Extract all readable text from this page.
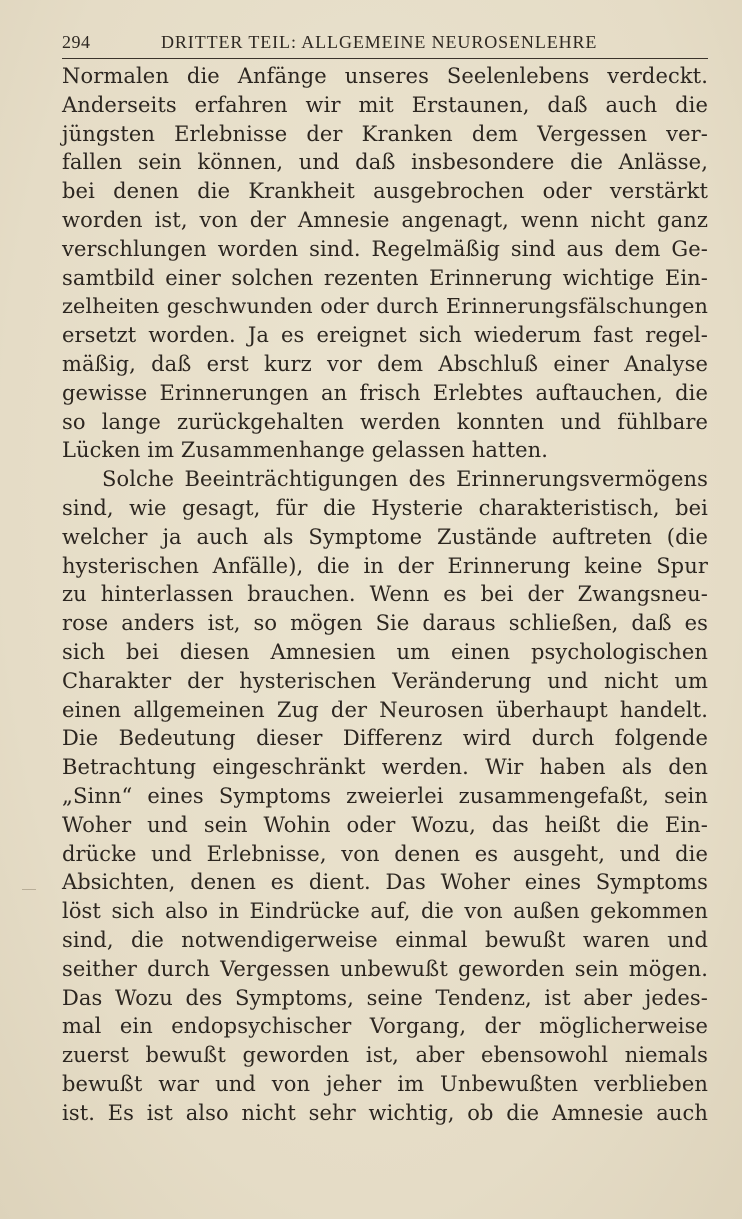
294	DRITTER TEIL: ALLGEMEINE NEUROSENLEHRE
Normalen die Anfänge unseres Seelenlebens verdeckt.
Anderseits erfahren wir mit Erstaunen, daß auch die
jüngsten Erlebnisse der Kranken dem Vergessen ver-
fallen sein können, und daß insbesondere die Anlässe,
bei denen die Krankheit ausgebrochen oder verstärkt
worden ist, von der Amnesie angenagt, wenn nicht ganz
verschlungen worden sind. Regelmäßig sind aus dem Ge-
samtbild einer solchen rezenten Erinnerung wichtige Ein-
zelheiten geschwunden oder durch Erinnerungsfälschungen
ersetzt worden. Ja es ereignet sich wiederum fast regel-
mäßig, daß erst kurz vor dem Abschluß einer Analyse
gewisse Erinnerungen an frisch Erlebtes auftauchen, die
so lange zurückgehalten werden konnten und fühlbare
Lücken im Zusammenhange gelassen hatten.
Solche Beeinträchtigungen des Erinnerungsvermögens
sind, wie gesagt, für die Hysterie charakteristisch, bei
welcher ja auch als Symptome Zustände auftreten (die
hysterischen Anfälle), die in der Erinnerung keine Spur
zu hinterlassen brauchen. Wenn es bei der Zwangsneu-
rose anders ist, so mögen Sie daraus schließen, daß es
sich bei diesen Amnesien um einen psychologischen
Charakter der hysterischen Veränderung und nicht um
einen allgemeinen Zug der Neurosen überhaupt handelt.
Die Bedeutung dieser Differenz wird durch folgende
Betrachtung eingeschränkt werden. Wir haben als den
„Sinn“ eines Symptoms zweierlei zusammengefaßt, sein
Woher und sein Wohin oder Wozu, das heißt die Ein-
drücke und Erlebnisse, von denen es ausgeht, und die
Absichten, denen es dient. Das Woher eines Symptoms
löst sich also in Eindrücke auf, die von außen gekommen
sind, die notwendigerweise einmal bewußt waren und
seither durch Vergessen unbewußt geworden sein mögen.
Das Wozu des Symptoms, seine Tendenz, ist aber jedes-
mal ein endopsychischer Vorgang, der möglicherweise
zuerst bewußt geworden ist, aber ebensowohl niemals
bewußt war und von jeher im Unbewußten verblieben
ist. Es ist also nicht sehr wichtig, ob die Amnesie auch
